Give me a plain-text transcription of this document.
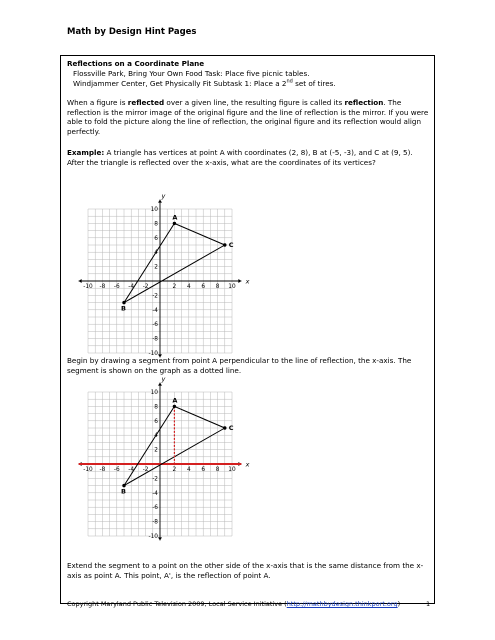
Math by Design Hint Pages
Reflections on a Coordinate Plane
Flossville Park, Bring Your Own Food Task: Place five picnic tables.
Windjammer Center, Get Physically Fit Subtask 1: Place a 2nd set of tires.
When a figure is reflected over a given line, the resulting figure is called its reflection. The reflection is the mirror image of the original figure and the line of reflection is the mirror. If you were able to fold the picture along the line of reflection, the original figure and its reflection would align perfectly.
Example: A triangle has vertices at point A with coordinates (2, 8), B at (-5, -3), and C at (9, 5). After the triangle is reflected over the x-axis, what are the coordinates of its vertices?
x
y
-10 -8 -6 -4 -2	2 4 6 8 10
10
8
6
4
2
-2
-4
-6
-8
-10
A
B
C
Begin by drawing a segment from point A perpendicular to the line of reflection, the x-axis. The segment is shown on the graph as a dotted line.
x
y
-10 -8 -6 -4 -2	2 4 6 8 10
10
8
6
4
2
-2
-4
-6
-8
-10
A
B
C
Extend the segment to a point on the other side of the x-axis that is the same distance from the x-axis as point A. This point, A', is the reflection of point A.
Copyright Maryland Public Television 2009, Local Service Initiative (http://mathbydesign.thinkport.org)	1
